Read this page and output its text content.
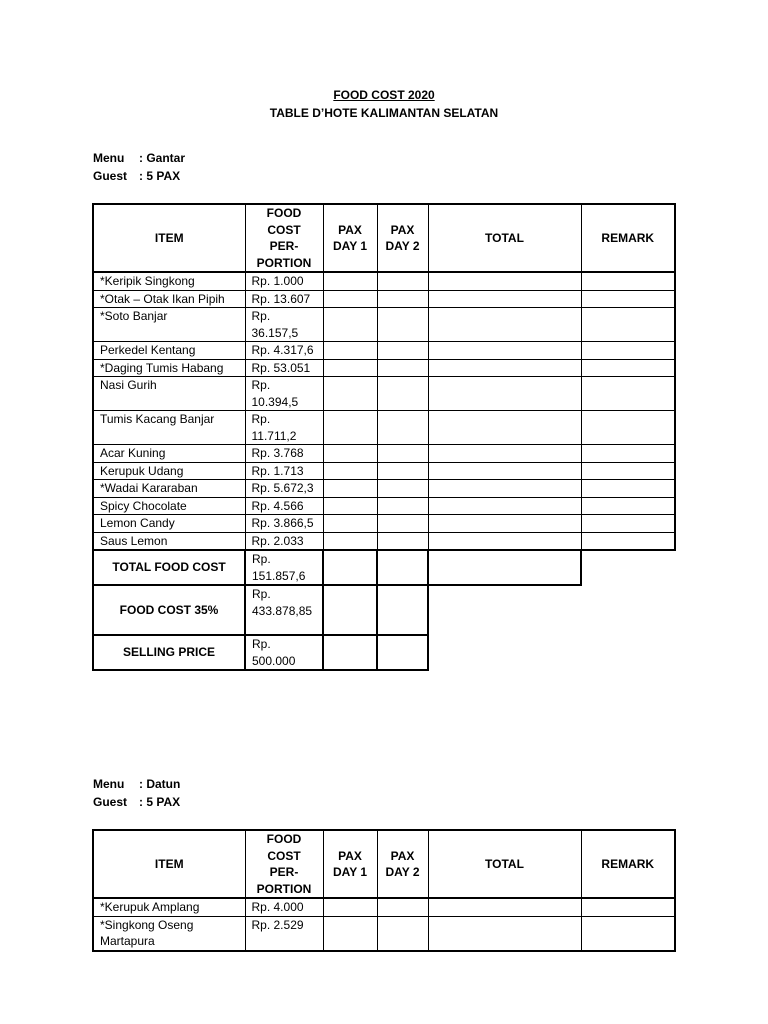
FOOD COST 2020
TABLE D’HOTE KALIMANTAN SELATAN
Menu : Gantar
Guest : 5 PAX
ITEM	FOOD COST PER-PORTION	PAX DAY 1	PAX DAY 2	TOTAL	REMARK
*Keripik Singkong	Rp. 1.000				
*Otak – Otak Ikan Pipih	Rp. 13.607				
*Soto Banjar	Rp. 36.157,5				
Perkedel Kentang	Rp. 4.317,6				
*Daging Tumis Habang	Rp. 53.051				
Nasi Gurih	Rp. 10.394,5				
Tumis Kacang Banjar	Rp. 11.711,2				
Acar Kuning	Rp. 3.768				
Kerupuk Udang	Rp. 1.713				
*Wadai Kararaban	Rp. 5.672,3				
Spicy Chocolate	Rp. 4.566				
Lemon Candy	Rp. 3.866,5				
Saus Lemon	Rp. 2.033				
TOTAL FOOD COST	Rp. 151.857,6				
FOOD COST 35%	Rp. 433.878,85				
SELLING PRICE	Rp. 500.000				
Menu : Datun
Guest : 5 PAX
ITEM	FOOD COST PER-PORTION	PAX DAY 1	PAX DAY 2	TOTAL	REMARK
*Kerupuk Amplang	Rp. 4.000				
*Singkong Oseng Martapura	Rp. 2.529				
